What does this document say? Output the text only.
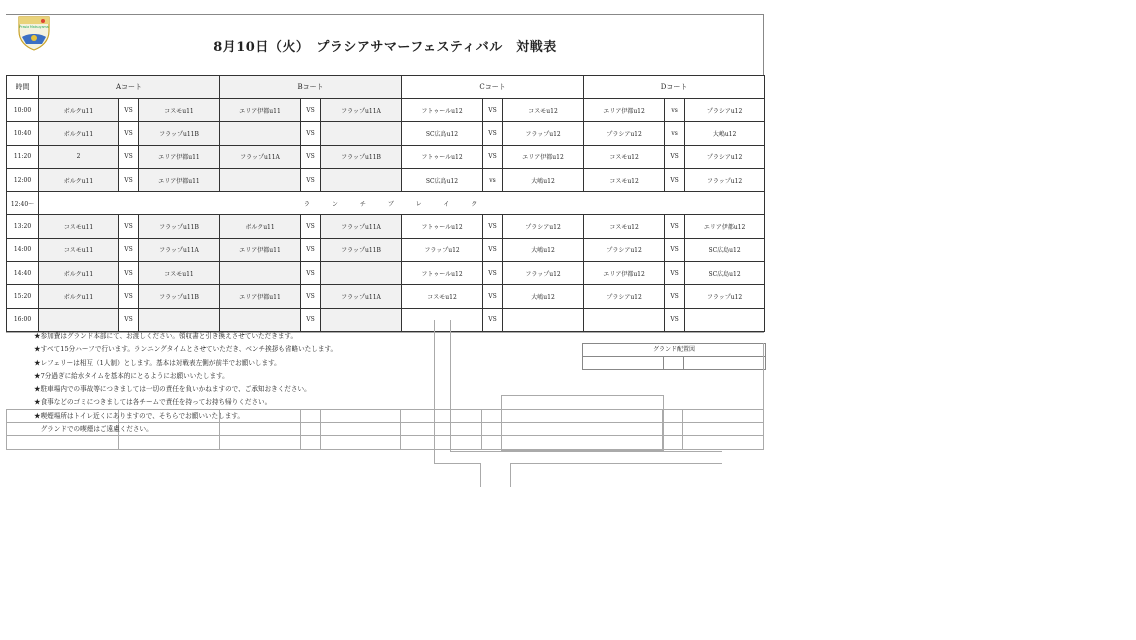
Prasia Matsuyama
8月10日（火）　プラシアサマーフェスティバル　対戦表
時間	Aコート			Bコート			Cコート			Dコート		
10:00	ボルクu11	VS	コスモu11	エリア伊都u11	VS	フラップu11A	フトゥールu12	VS	コスモu12	エリア伊都u12	vs	プラシアu12
10:40	ボルクu11	VS	フラップu11B		VS		SC広島u12	VS	フラップu12	プラシアu12	vs	大嶋u12
11:20	2	VS	エリア伊都u11	フラップu11A	VS	フラップu11B	フトゥールu12	VS	エリア伊都u12	コスモu12	VS	プラシアu12
12:00	ボルクu11	VS	エリア伊都u11		VS		SC広島u12	vs	大嶋u12	コスモu12	VS	フラップu12
12:40～	ランチブレイク											
13:20	コスモu11	VS	フラップu11B	ボルクu11	VS	フラップu11A	フトゥールu12	VS	プラシアu12	コスモu12	VS	エリア伊都u12
14:00	コスモu11	VS	フラップu11A	エリア伊都u11	VS	フラップu11B	フラップu12	VS	大嶋u12	プラシアu12	VS	SC広島u12
14:40	ボルクu11	VS	コスモu11		VS		フトゥールu12	VS	フラップu12	エリア伊都u12	VS	SC広島u12
15:20	ボルクu11	VS	フラップu11B	エリア伊都u11	VS	フラップu11A	コスモu12	VS	大嶋u12	プラシアu12	VS	フラップu12
16:00		VS			VS			VS			VS	
グランド配置図
★参加費はグランド本部にて、お渡しください。領収書と引き換えさせていただきます。
★すべて15分ハーフで行います。ランニングタイムとさせていただき、ベンチ挨拶も省略いたします。
★レフェリーは相互（1人制）とします。基本は対戦表左側が前半でお願いします。
★7分過ぎに給水タイムを基本的にとるようにお願いいたします。
★駐車場内での事故等につきましては一切の責任を負いかねますので、ご承知おきください。
★食事などのゴミにつきましては各チームで責任を持ってお持ち帰りください。
★喫煙場所はトイレ近くにありますので、そちらでお願いいたします。
　グランドでの喫煙はご遠慮ください。
